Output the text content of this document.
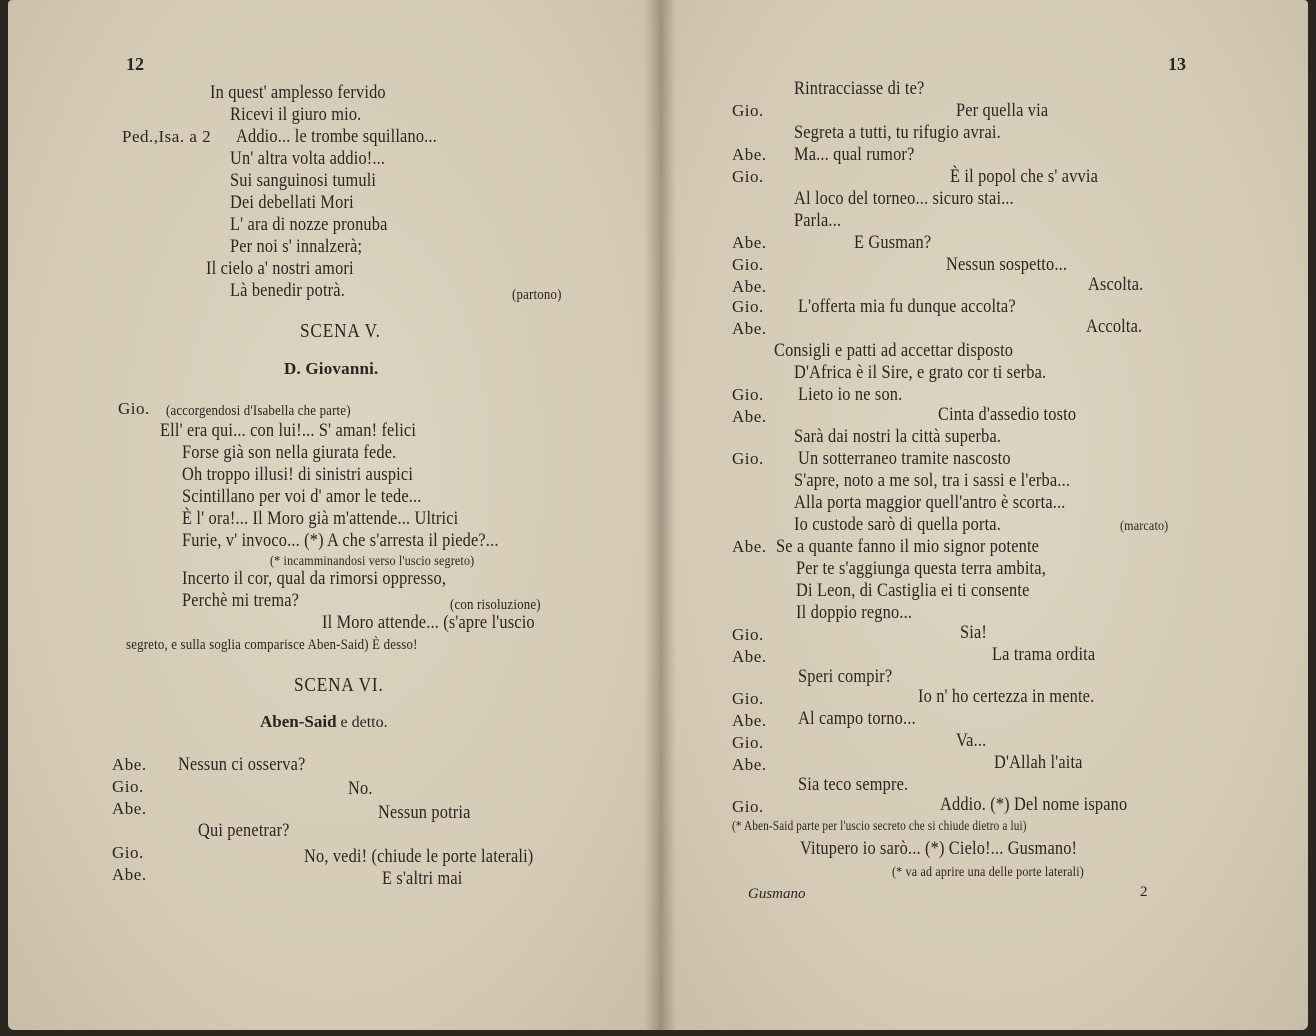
12
In quest' amplesso fervido
Ricevi il giuro mio.
Ped.,Isa. a 2 Addio... le trombe squillano...
Un' altra volta addio!...
Sui sanguinosi tumuli
Dei debellati Mori
L' ara di nozze pronuba
Per noi s' innalzerà;
Il cielo a' nostri amori
Là benedir potrà.	(partono)
SCENA V.
D. Giovanni.
Gio. (accorgendosi d'Isabella che parte)
Ell' era qui... con lui!... S' aman! felici
Forse già son nella giurata fede.
Oh troppo illusi! di sinistri auspici
Scintillano per voi d' amor le tede...
È l' ora!... Il Moro già m'attende... Ultrici
Furie, v' invoco... (*) A che s'arresta il piede?...
(* incamminandosi verso l'uscio segreto)
Incerto il cor, qual da rimorsi oppresso,
Perchè mi trema?	(con risoluzione)
Il Moro attende... (s'apre l'uscio
segreto, e sulla soglia comparisce Aben-Said) È desso!
SCENA VI.
Aben-Said e detto.
Abe. Nessun ci osserva?
Gio.	No.
Abe.	Nessun potria
Qui penetrar?
Gio.	No, vedi! (chiude le porte laterali)
Abe.	E s'altri mai
13
Rintracciasse di te?
Gio.	Per quella via
Segreta a tutti, tu rifugio avrai.
Abe. Ma... qual rumor?
Gio.	È il popol che s' avvia
Al loco del torneo... sicuro stai...
Parla...
Abe.	E Gusman?
Gio.	Nessun sospetto...
Abe.	Ascolta.
Gio. L'offerta mia fu dunque accolta?
Abe.	Accolta.
Consigli e patti ad accettar disposto
D'Africa è il Sire, e grato cor ti serba.
Gio. Lieto io ne son.
Abe.	Cinta d'assedio tosto
Sarà dai nostri la città superba.
Gio. Un sotterraneo tramite nascosto
S'apre, noto a me sol, tra i sassi e l'erba...
Alla porta maggior quell'antro è scorta...
Io custode sarò di quella porta.	(marcato)
Abe. Se a quante fanno il mio signor potente
Per te s'aggiunga questa terra ambita,
Di Leon, di Castiglia ei ti consente
Il doppio regno...
Gio.	Sia!
Abe.	La trama ordita
Speri compir?
Gio.	Io n' ho certezza in mente.
Abe. Al campo torno...
Gio.	Va...
Abe.	D'Allah l'aita
Sia teco sempre.
Gio.	Addio. (*) Del nome ispano
(* Aben-Said parte per l'uscio secreto che si chiude dietro a lui)
Vitupero io sarò... (*) Cielo!... Gusmano!
(* va ad aprire una delle porte laterali)
Gusmano	2
